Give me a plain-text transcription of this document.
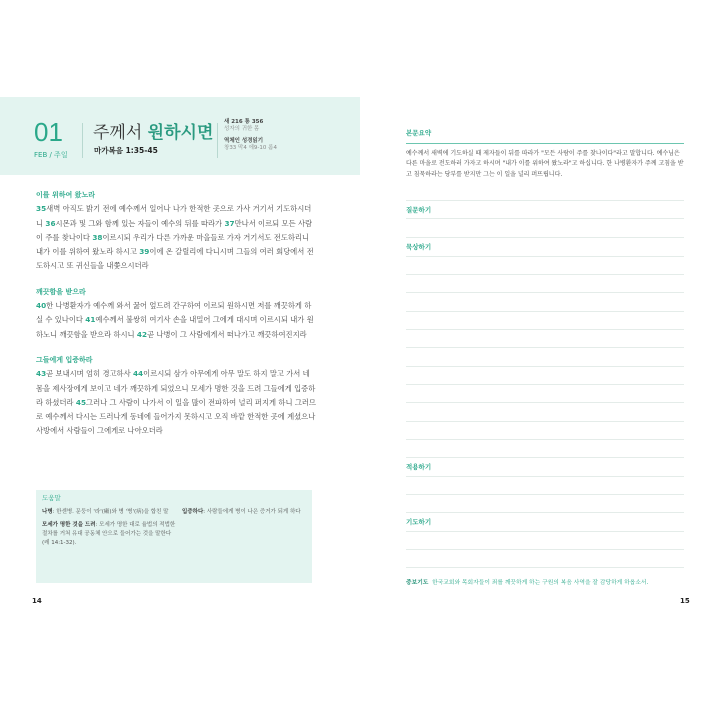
01
FEB / 주일
주께서 원하시면
마가복음 1:35-45
새 216 통 356
성자의 귀한 몸
역체인 성경읽기
창33 막4 에9-10 롬4
이를 위하여 왔노라
35새벽 아직도 밝기 전에 예수께서 일어나 나가 한적한 곳으로 가사 거기서 기도하시더니 36시몬과 및 그와 함께 있는 자들이 예수의 뒤를 따라가 37만나서 이르되 모든 사람이 주를 찾나이다 38이르시되 우리가 다른 가까운 마을들로 가자 거기서도 전도하리니 내가 이를 위하여 왔노라 하시고 39이에 온 갈릴리에 다니시며 그들의 여러 회당에서 전도하시고 또 귀신들을 내쫓으시더라
깨끗함을 받으라
40한 나병환자가 예수께 와서 꿇어 엎드려 간구하여 이르되 원하시면 저를 깨끗하게 하실 수 있나이다 41예수께서 불쌍히 여기사 손을 내밀어 그에게 대시며 이르시되 내가 원하노니 깨끗함을 받으라 하시니 42곧 나병이 그 사람에게서 떠나가고 깨끗하여진지라
그들에게 입증하라
43곧 보내시며 엄히 경고하사 44이르시되 삼가 아무에게 아무 말도 하지 말고 가서 네 몸을 제사장에게 보이고 네가 깨끗하게 되었으니 모세가 명한 것을 드려 그들에게 입증하라 하셨더라 45그러나 그 사람이 나가서 이 일을 많이 전파하여 널리 퍼지게 하니 그러므로 예수께서 다시는 드러나게 동네에 들어가지 못하시고 오직 바깥 한적한 곳에 계셨으나 사방에서 사람들이 그에게로 나아오더라
도움말
나병: 한센병. 문둥이 '라'(癩)와 병 '병'(病)을 합친 말
모세가 명한 것을 드려: 모세가 명한 대로 율법의 적법한 절차를 거쳐 유대 공동체 안으로 들어가는 것을 말한다(레 14:1-32).
입증하다: 사람들에게 병이 나은 증거가 되게 하다
14	15
본문요약
예수께서 새벽에 기도하실 때 제자들이 뒤를 따라가 "모든 사람이 주를 찾나이다"라고 말합니다. 예수님은 다른 마을로 전도하러 가자고 하시며 "내가 이를 위하여 왔노라"고 하십니다. 한 나병환자가 주께 고침을 받고 침묵하라는 당부를 받지만 그는 이 일을 널리 퍼뜨립니다.
질문하기
묵상하기
적용하기
기도하기
중보기도 한국교회와 목회자들이 죄를 깨끗하게 하는 구원의 복음 사역을 잘 감당하게 하옵소서.
